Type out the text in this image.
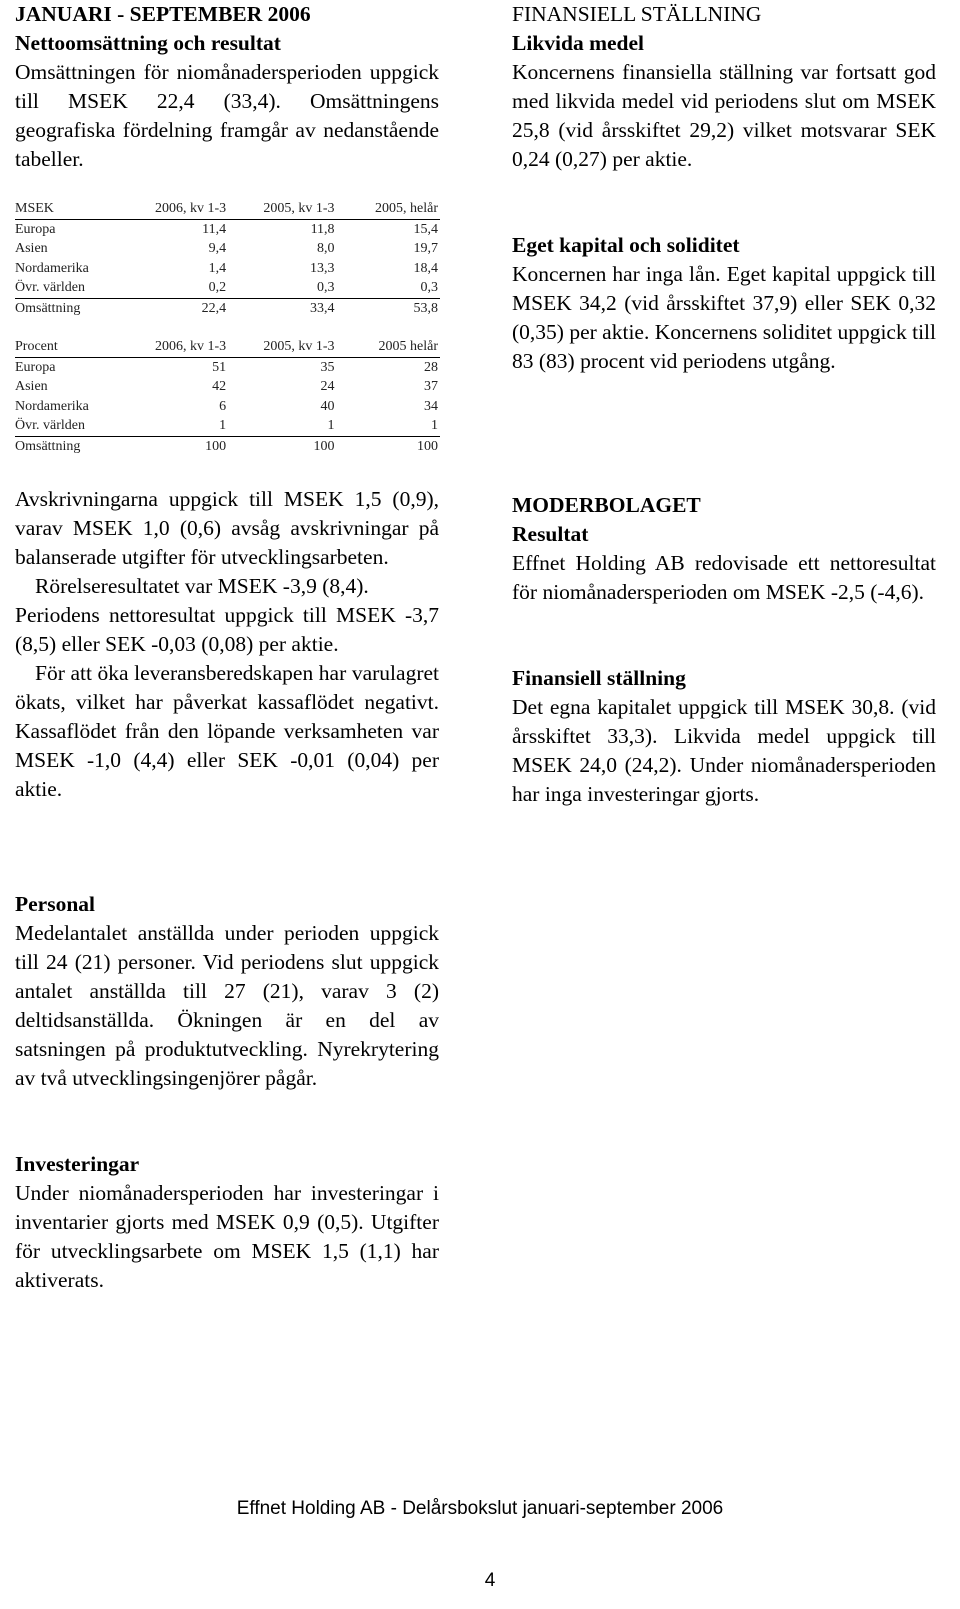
JANUARI - SEPTEMBER 2006

Nettoomsättning och resultat

Omsättningen för niomånadersperioden uppgick till MSEK 22,4 (33,4). Omsättningens geografiska fördelning framgår av nedanstående tabeller.

MSEK	2006, kv 1-3	2005, kv 1-3	2005, helår
Europa	11,4	11,8	15,4
Asien	9,4	8,0	19,7
Nordamerika	1,4	13,3	18,4
Övr. världen	0,2	0,3	0,3
Omsättning	22,4	33,4	53,8
Procent	2006, kv 1-3	2005, kv 1-3	2005 helår
Europa	51	35	28
Asien	42	24	37
Nordamerika	6	40	34
Övr. världen	1	1	1
Omsättning	100	100	100

Avskrivningarna uppgick till MSEK 1,5 (0,9), varav MSEK 1,0 (0,6) avsåg avskrivningar på balanserade utgifter för utvecklingsarbeten.

Rörelseresultatet var MSEK -3,9 (8,4).

Periodens nettoresultat uppgick till MSEK -3,7 (8,5) eller SEK -0,03 (0,08) per aktie.

För att öka leveransberedskapen har varulagret ökats, vilket har påverkat kassaflödet negativt. Kassaflödet från den löpande verksamheten var MSEK -1,0 (4,4) eller SEK -0,01 (0,04) per aktie.

Personal

Medelantalet anställda under perioden uppgick till 24 (21) personer. Vid periodens slut uppgick antalet anställda till 27 (21), varav 3 (2) deltidsanställda. Ökningen är en del av satsningen på produktutveckling. Nyrekrytering av två utvecklingsingenjörer pågår.

Investeringar

Under niomånadersperioden har investeringar i inventarier gjorts med MSEK 0,9 (0,5). Utgifter för utvecklingsarbete om MSEK 1,5 (1,1) har aktiverats.

FINANSIELL STÄLLNING

Likvida medel

Koncernens finansiella ställning var fortsatt god med likvida medel vid periodens slut om MSEK 25,8 (vid årsskiftet 29,2) vilket motsvarar SEK 0,24 (0,27) per aktie.

Eget kapital och soliditet

Koncernen har inga lån. Eget kapital uppgick till MSEK 34,2 (vid årsskiftet 37,9) eller SEK 0,32 (0,35) per aktie. Koncernens soliditet uppgick till 83 (83) procent vid periodens utgång.

MODERBOLAGET

Resultat

Effnet Holding AB redovisade ett nettoresultat för niomånadersperioden om MSEK -2,5 (-4,6).

Finansiell ställning

Det egna kapitalet uppgick till MSEK 30,8. (vid årsskiftet 33,3). Likvida medel uppgick till MSEK 24,0 (24,2). Under niomånadersperioden har inga investeringar gjorts.

Effnet Holding AB - Delårsbokslut januari-september 2006
4
